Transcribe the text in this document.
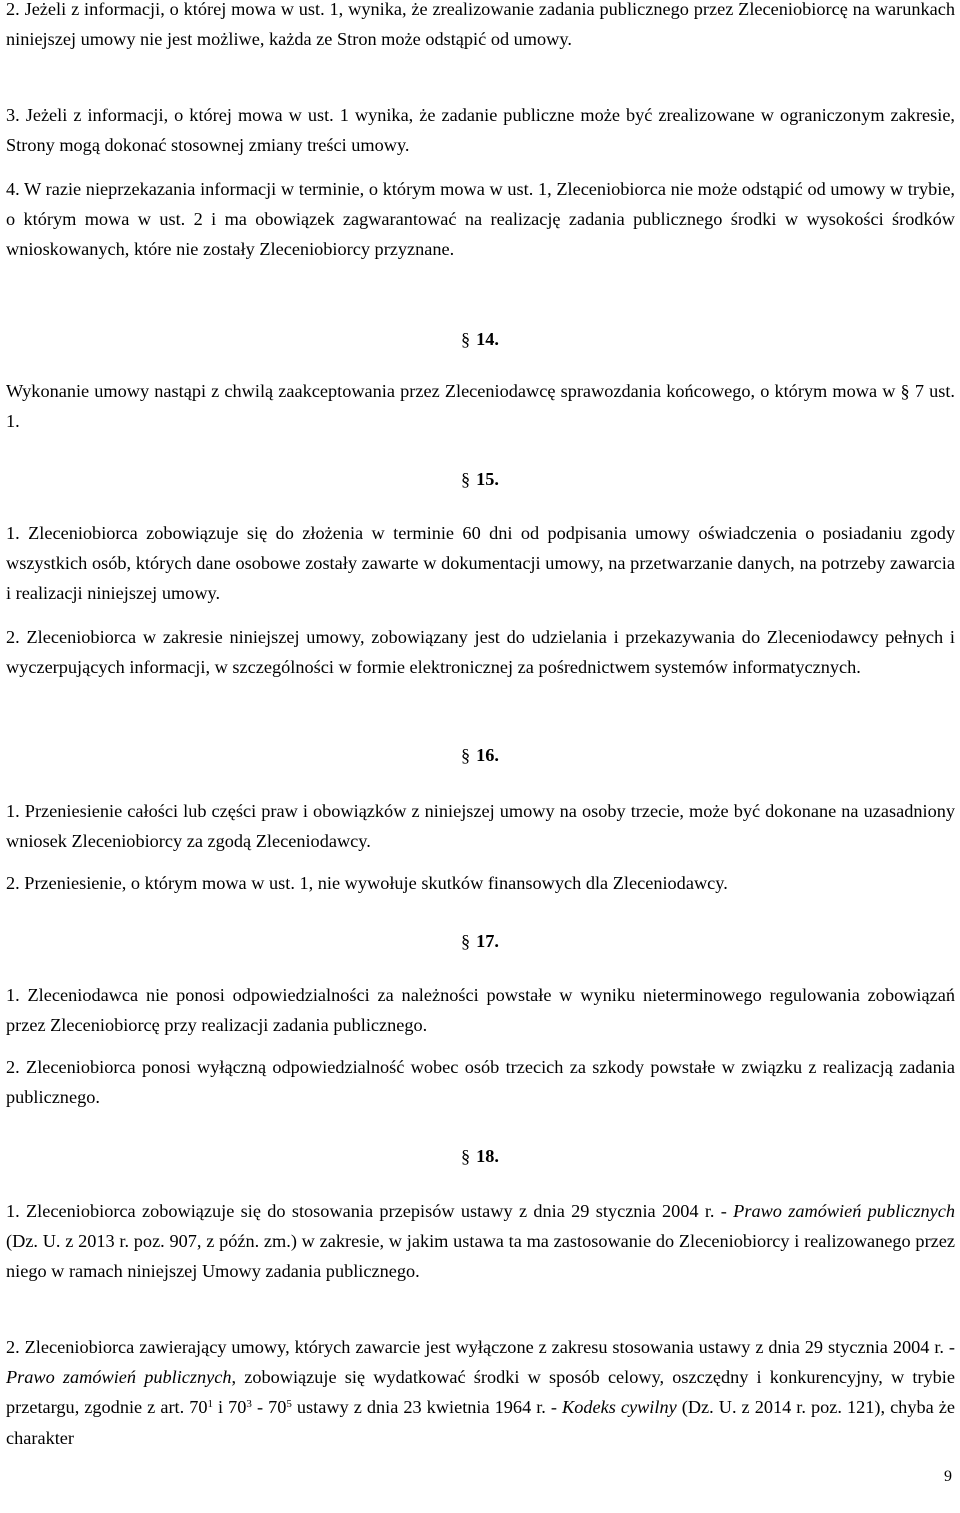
2. Jeżeli z informacji, o której mowa w ust. 1, wynika, że zrealizowanie zadania publicznego przez Zleceniobiorcę na warunkach niniejszej umowy nie jest możliwe, każda ze Stron może odstąpić od umowy.
3. Jeżeli z informacji, o której mowa w ust. 1 wynika, że zadanie publiczne może być zrealizowane w ograniczonym zakresie, Strony mogą dokonać stosownej zmiany treści umowy.
4. W razie nieprzekazania informacji w terminie, o którym mowa w ust. 1, Zleceniobiorca nie może odstąpić od umowy w trybie, o którym mowa w ust. 2 i ma obowiązek zagwarantować na realizację zadania publicznego środki w wysokości środków wnioskowanych, które nie zostały Zleceniobiorcy przyznane.
§ 14.
Wykonanie umowy nastąpi z chwilą zaakceptowania przez Zleceniodawcę sprawozdania końcowego, o którym mowa w § 7 ust. 1.
§ 15.
1. Zleceniobiorca zobowiązuje się do złożenia w terminie 60 dni od podpisania umowy oświadczenia o posiadaniu zgody wszystkich osób, których dane osobowe zostały zawarte w dokumentacji umowy, na przetwarzanie danych, na potrzeby zawarcia i realizacji niniejszej umowy.
2. Zleceniobiorca w zakresie niniejszej umowy, zobowiązany jest do udzielania i przekazywania do Zleceniodawcy pełnych i wyczerpujących informacji, w szczególności w formie elektronicznej za pośrednictwem systemów informatycznych.
§ 16.
1. Przeniesienie całości lub części praw i obowiązków z niniejszej umowy na osoby trzecie, może być dokonane na uzasadniony wniosek Zleceniobiorcy za zgodą Zleceniodawcy.
2. Przeniesienie, o którym mowa w ust. 1, nie wywołuje skutków finansowych dla Zleceniodawcy.
§ 17.
1. Zleceniodawca nie ponosi odpowiedzialności za należności powstałe w wyniku nieterminowego regulowania zobowiązań przez Zleceniobiorcę przy realizacji zadania publicznego.
2. Zleceniobiorca ponosi wyłączną odpowiedzialność wobec osób trzecich za szkody powstałe w związku z realizacją zadania publicznego.
§ 18.
1. Zleceniobiorca zobowiązuje się do stosowania przepisów ustawy z dnia 29 stycznia 2004 r. - Prawo zamówień publicznych (Dz. U. z 2013 r. poz. 907, z późn. zm.) w zakresie, w jakim ustawa ta ma zastosowanie do Zleceniobiorcy i realizowanego przez niego w ramach niniejszej Umowy zadania publicznego.
2. Zleceniobiorca zawierający umowy, których zawarcie jest wyłączone z zakresu stosowania ustawy z dnia 29 stycznia 2004 r. - Prawo zamówień publicznych, zobowiązuje się wydatkować środki w sposób celowy, oszczędny i konkurencyjny, w trybie przetargu, zgodnie z art. $70^1$ i $70^3 - 70^5$ ustawy z dnia 23 kwietnia 1964 r. - Kodeks cywilny (Dz. U. z 2014 r. poz. 121), chyba że charakter
9
